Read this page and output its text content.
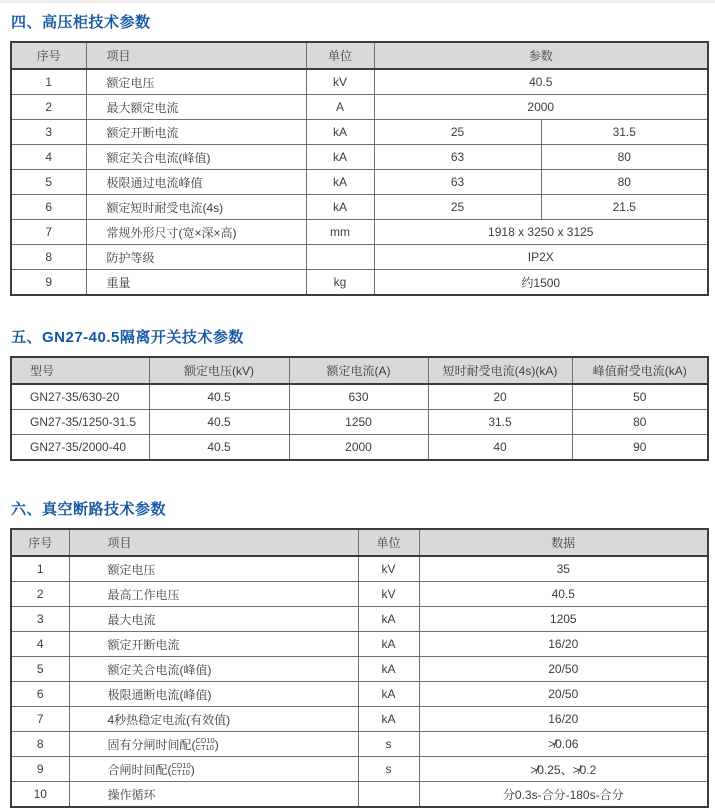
四、高压柜技术参数
序号	项目	单位	参数	
1	额定电压	kV	40.5	
2	最大额定电流	A	2000	
3	额定开断电流	kA	25	31.5
4	额定关合电流(峰值)	kA	63	80
5	极限通过电流峰值	kA	63	80
6	额定短时耐受电流(4s)	kA	25	21.5
7	常规外形尺寸(宽×深×高)	mm	1918 x 3250 x 3125	
8	防护等级		IP2X	
9	重量	kg	约1500	
五、GN27-40.5隔离开关技术参数
型号	额定电压(kV)	额定电流(A)	短时耐受电流(4s)(kA)	峰值耐受电流(kA)
GN27-35/630-20	40.5	630	20	50
GN27-35/1250-31.5	40.5	1250	31.5	80
GN27-35/2000-40	40.5	2000	40	90
六、真空断路技术参数
序号	项目	单位	数据
1	额定电压	kV	35
2	最高工作电压	kV	40.5
3	最大电流	kA	1205
4	额定开断电流	kA	16/20
5	额定关合电流(峰值)	kA	20/50
6	极限通断电流(峰值)	kA	20/50
7	4秒热稳定电流(有效值)	kA	16/20
8	固有分闸时间配( CD10
CT10 )	s	≯0.06
9	合闸时间配( CD10
CT10 )	s	≯0.25、≯0.2
10	操作循环		分0.3s-合分-180s-合分
